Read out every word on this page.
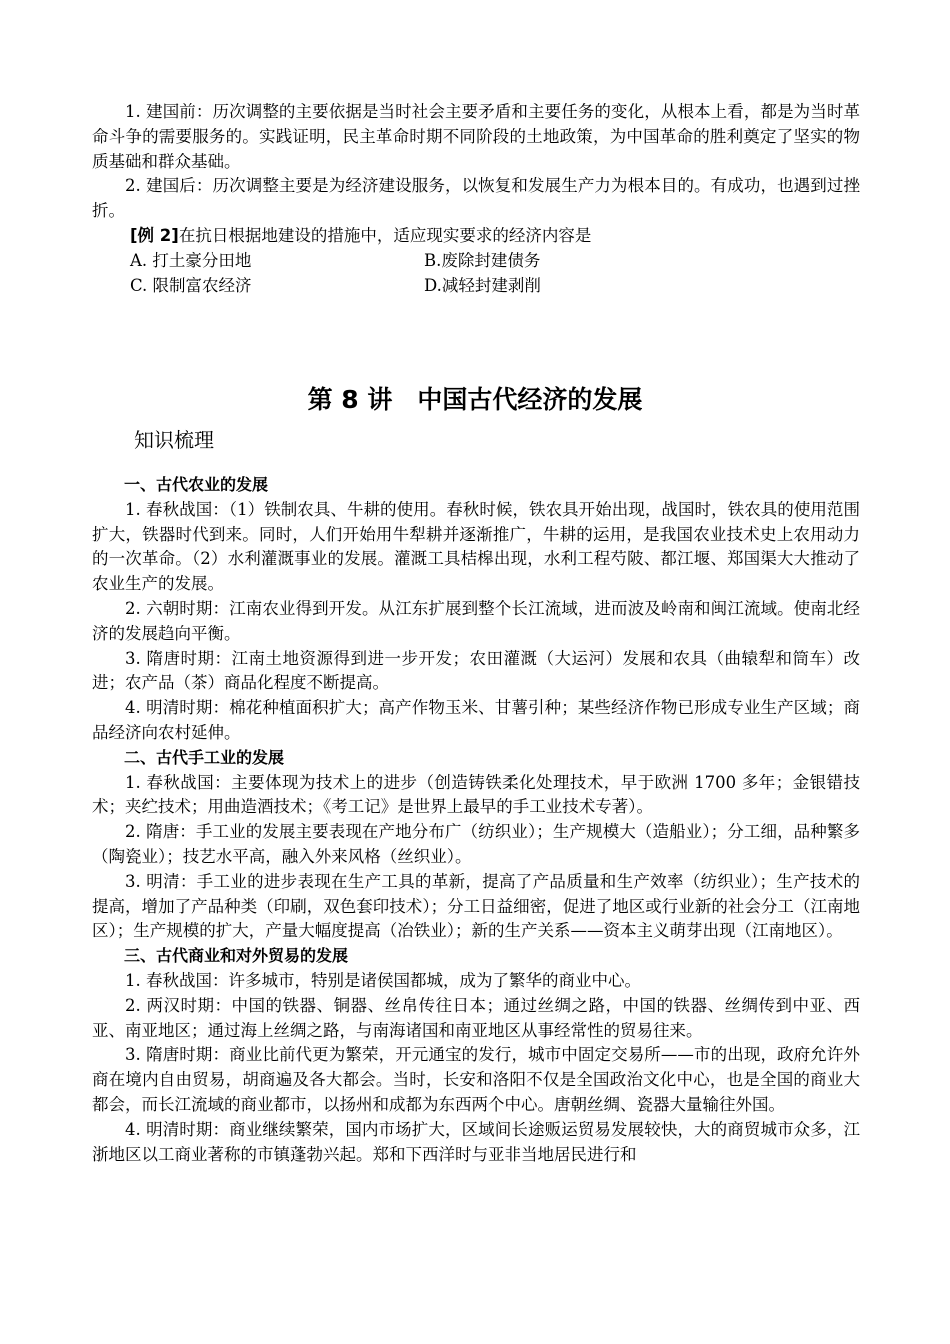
1. 建国前：历次调整的主要依据是当时社会主要矛盾和主要任务的变化，从根本上看，都是为当时革命斗争的需要服务的。实践证明，民主革命时期不同阶段的土地政策，为中国革命的胜利奠定了坚实的物质基础和群众基础。

2. 建国后：历次调整主要是为经济建设服务，以恢复和发展生产力为根本目的。有成功，也遇到过挫折。

[例 2]在抗日根据地建设的措施中，适应现实要求的经济内容是
A. 打土豪分田地	B.废除封建债务
C. 限制富农经济	D.减轻封建剥削
第 8 讲　中国古代经济的发展
知识梳理

一、古代农业的发展

1. 春秋战国：（1）铁制农具、牛耕的使用。春秋时候，铁农具开始出现，战国时，铁农具的使用范围扩大，铁器时代到来。同时，人们开始用牛犁耕并逐渐推广，牛耕的运用，是我国农业技术史上农用动力的一次革命。（2）水利灌溉事业的发展。灌溉工具桔槔出现，水利工程芍陂、都江堰、郑国渠大大推动了农业生产的发展。

2. 六朝时期：江南农业得到开发。从江东扩展到整个长江流域，进而波及岭南和闽江流域。使南北经济的发展趋向平衡。

3. 隋唐时期：江南土地资源得到进一步开发；农田灌溉（大运河）发展和农具（曲辕犁和筒车）改进；农产品（茶）商品化程度不断提高。

4. 明清时期：棉花种植面积扩大；高产作物玉米、甘薯引种；某些经济作物已形成专业生产区域；商品经济向农村延伸。

二、古代手工业的发展

1. 春秋战国：主要体现为技术上的进步（创造铸铁柔化处理技术，早于欧洲 1700 多年；金银错技术；夹纻技术；用曲造酒技术；《考工记》是世界上最早的手工业技术专著）。

2. 隋唐：手工业的发展主要表现在产地分布广（纺织业）；生产规模大（造船业）；分工细，品种繁多（陶瓷业）；技艺水平高，融入外来风格（丝织业）。

3. 明清：手工业的进步表现在生产工具的革新，提高了产品质量和生产效率（纺织业）；生产技术的提高，增加了产品种类（印刷，双色套印技术）；分工日益细密，促进了地区或行业新的社会分工（江南地区）；生产规模的扩大，产量大幅度提高（冶铁业）；新的生产关系——资本主义萌芽出现（江南地区）。

三、古代商业和对外贸易的发展

1. 春秋战国：许多城市，特别是诸侯国都城，成为了繁华的商业中心。

2. 两汉时期：中国的铁器、铜器、丝帛传往日本；通过丝绸之路，中国的铁器、丝绸传到中亚、西亚、南亚地区；通过海上丝绸之路，与南海诸国和南亚地区从事经常性的贸易往来。

3. 隋唐时期：商业比前代更为繁荣，开元通宝的发行，城市中固定交易所——市的出现，政府允许外商在境内自由贸易，胡商遍及各大都会。当时，长安和洛阳不仅是全国政治文化中心，也是全国的商业大都会，而长江流域的商业都市，以扬州和成都为东西两个中心。唐朝丝绸、瓷器大量输往外国。

4. 明清时期：商业继续繁荣，国内市场扩大，区域间长途贩运贸易发展较快，大的商贸城市众多，江浙地区以工商业著称的市镇蓬勃兴起。郑和下西洋时与亚非当地居民进行和
